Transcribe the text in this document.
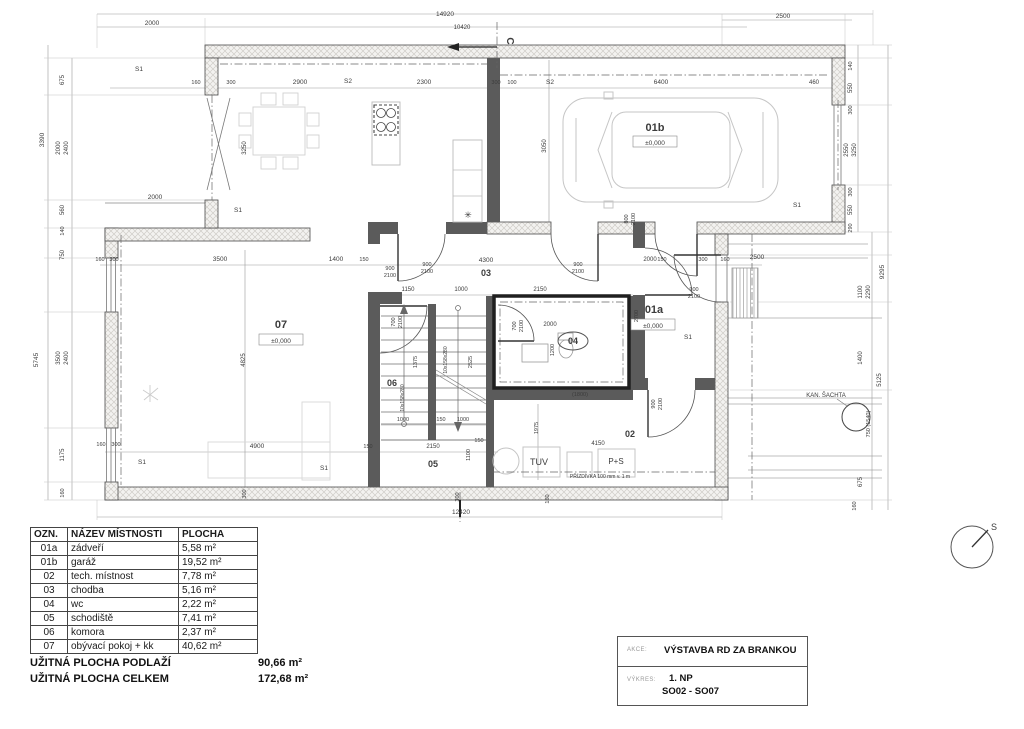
S
14920
10420
2000
2500
12420
3390
5745
675
2000 2400
560
140
750
3500 2400
1175
160
160 300
160 300
140
550
300
2550 3250
300
550
290
9295
1100 2290
1400
5125
675
160
750 (1540)
6400	460
S2
100
300
3050
S1
01b
±0,000
160	300	2900	S2	2300
3250
S1
S1
2000
4300
03
900
2100
900
2100
900
2100
150
1150	1000	2150
06
05
10x158x280
10x158x280
1375	2525
1000	150 1000
2150
1100
150
150
700 2100
04
700 2100	2000
1200
02
4150
(1800)
900 2100
1975
TUV	P+S
PŘÍZDÍVKA 100 mm v. 1 m
01a
±0,000
S1
2000	300 160	2500
2700
900
2100
800 2100
07
±0,000
3500	1400	150
4825
4900
S1
S1
KAN. ŠACHTA
C
300	160
300
✳
OZN.	NÁZEV MÍSTNOSTI	PLOCHA
01a	zádveří	5,58 m²
01b	garáž	19,52 m²
02	tech. místnost	7,78 m²
03	chodba	5,16 m²
04	wc	2,22 m²
05	schodiště	7,41 m²
06	komora	2,37 m²
07	obývací pokoj + kk	40,62 m²
UŽITNÁ PLOCHA PODLAŽÍ	90,66 m²
UŽITNÁ PLOCHA CELKEM	172,68 m²
AKCE: VÝSTAVBA RD ZA BRANKOU
VÝKRES: 1. NP
SO02 - SO07
